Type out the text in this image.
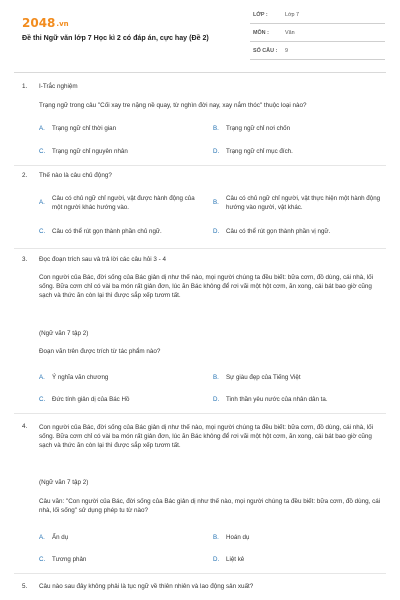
2048.vn
Đề thi Ngữ văn lớp 7 Học kì 2 có đáp án, cực hay (Đề 2)
LỚP :	Lớp 7
MÔN :	Văn
SỐ CÂU : 9
1. I-Trắc nghiệm
Trạng ngữ trong câu "Cối xay tre nặng nề quay, từ nghìn đời nay, xay nắm thóc" thuộc loại nào?
A. Trạng ngữ chỉ thời gian	B. Trạng ngữ chỉ nơi chốn
C. Trạng ngữ chỉ nguyên nhân	D. Trạng ngữ chỉ mục đích.
2. Thế nào là câu chủ động?
A.
Câu có chủ ngữ chỉ người, vật được hành động của một người khác hướng vào.
B.
Câu có chủ ngữ chỉ người, vật thực hiện một hành động hướng vào người, vật khác.
C. Câu có thể rút gọn thành phần chủ ngữ.	D. Câu có thể rút gọn thành phần vị ngữ.
3. Đọc đoạn trích sau và trả lời các câu hỏi 3 - 4
Con người của Bác, đời sống của Bác giản dị như thế nào, mọi người chúng ta đều biết: bữa cơm, đồ dùng, cái nhà, lối sống. Bữa cơm chỉ có vài ba món rất giản đơn, lúc ăn Bác không để rơi vãi một hột cơm, ăn xong, cái bát bao giờ cũng sạch và thức ăn còn lại thì được sắp xếp tươm tất.
(Ngữ văn 7 tập 2)
Đoạn văn trên được trích từ tác phẩm nào?
A. Ý nghĩa văn chương	B. Sự giàu đẹp của Tiếng Việt
C. Đức tính giản dị của Bác Hồ	D. Tinh thần yêu nước của nhân dân ta.
4. Con người của Bác, đời sống của Bác giản dị như thế nào, mọi người chúng ta đều biết: bữa cơm, đồ dùng, cái nhà, lối sống. Bữa cơm chỉ có vài ba món rất giản đơn, lúc ăn Bác không để rơi vãi một hột cơm, ăn xong, cái bát bao giờ cũng sạch và thức ăn còn lại thì được sắp xếp tươm tất.
(Ngữ văn 7 tập 2)
Câu văn: "Con người của Bác, đời sống của Bác giản dị như thế nào, mọi người chúng ta đều biết: bữa cơm, đồ dùng, cái nhà, lối sống" sử dụng phép tu từ nào?
A. Ẩn dụ	B. Hoán dụ
C. Tương phản	D. Liệt kê
5. Câu nào sau đây không phải là tục ngữ về thiên nhiên và lao động sản xuất?
